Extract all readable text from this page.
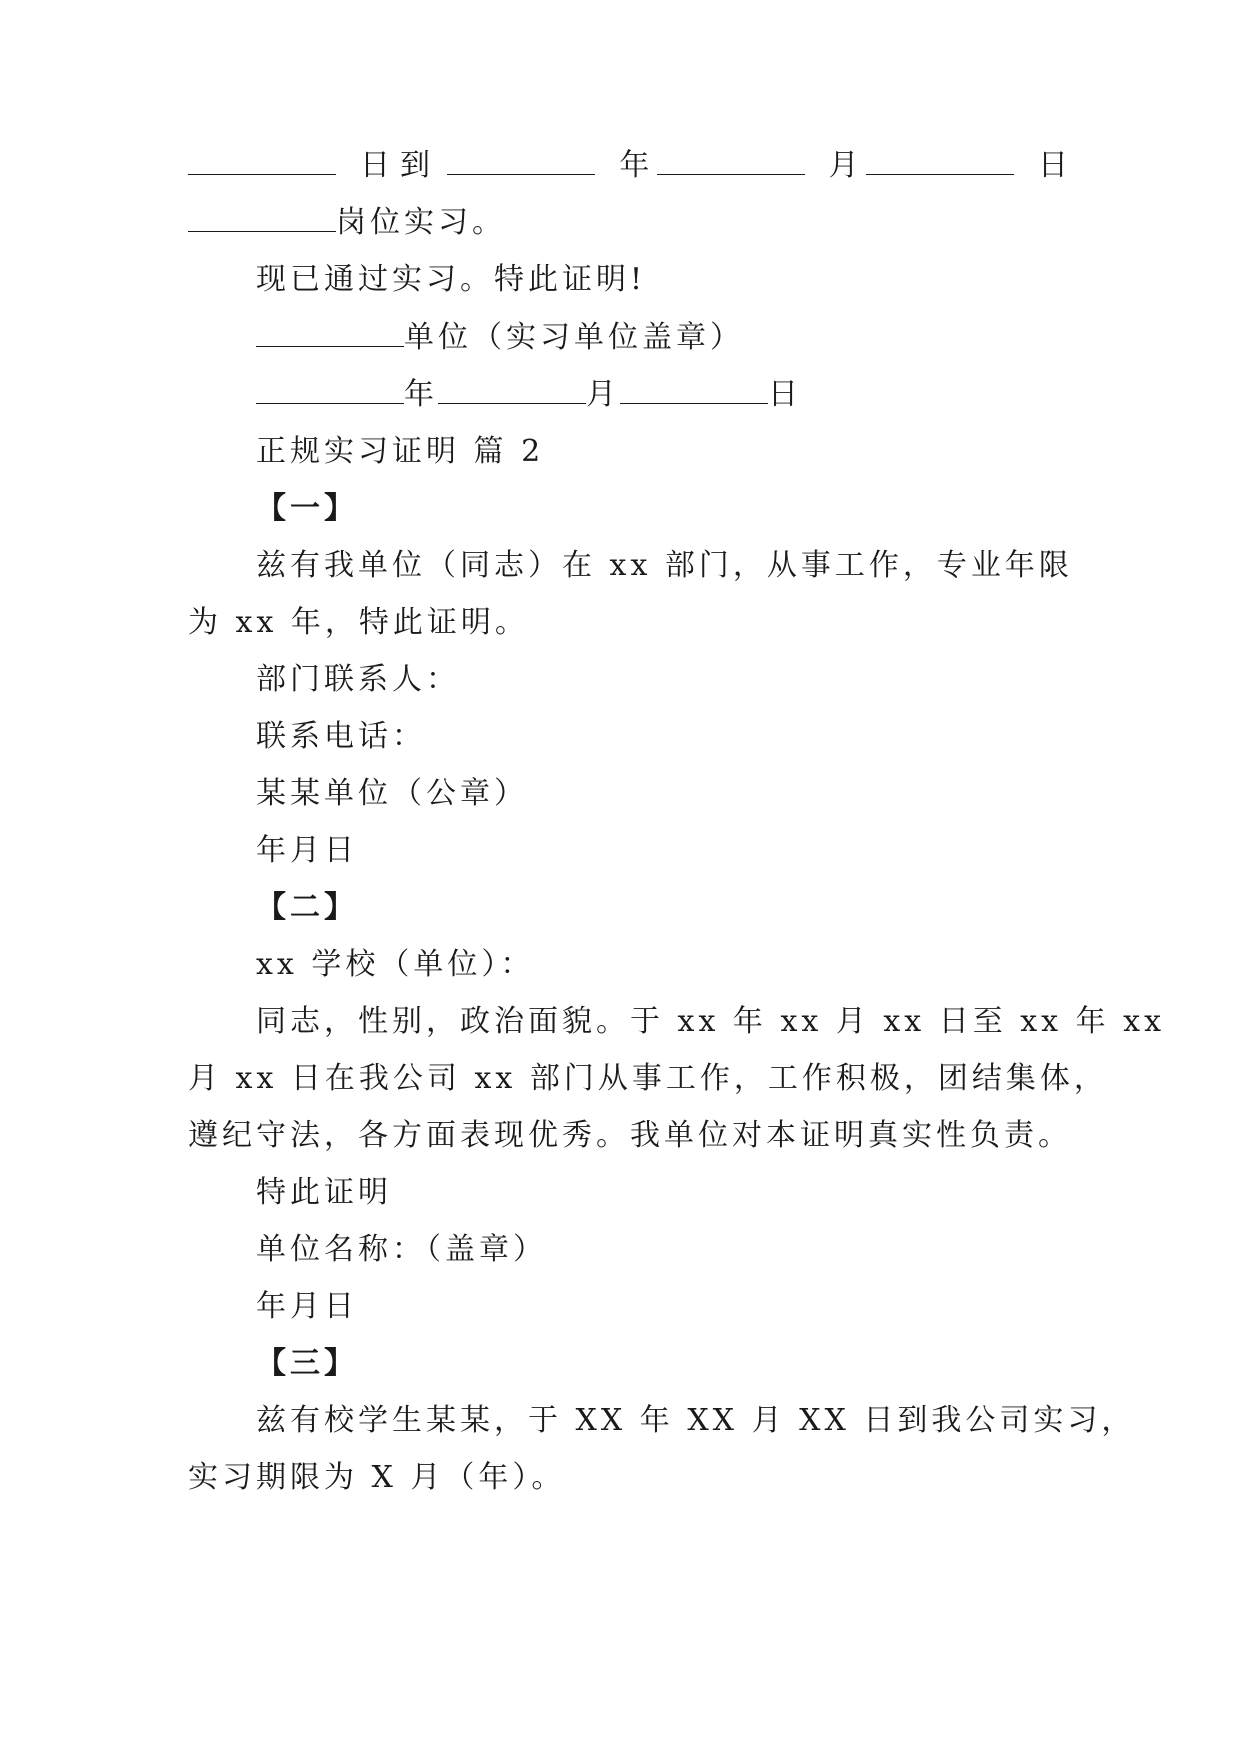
日到	年	月	日
岗位实习。
现已通过实习。特此证明!
单位（实习单位盖章）
年	月	日
正规实习证明 篇 2
【一】
兹有我单位（同志）在 xx 部门，从事工作，专业年限
为 xx 年，特此证明。
部门联系人：
联系电话：
某某单位（公章）
年月日
【二】
xx 学校（单位）：
同志，性别，政治面貌。于 xx 年 xx 月 xx 日至 xx 年 xx
月 xx 日在我公司 xx 部门从事工作，工作积极，团结集体，
遵纪守法，各方面表现优秀。我单位对本证明真实性负责。
特此证明
单位名称：（盖章）
年月日
【三】
兹有校学生某某，于 XX 年 XX 月 XX 日到我公司实习，
实习期限为 X 月（年）。
